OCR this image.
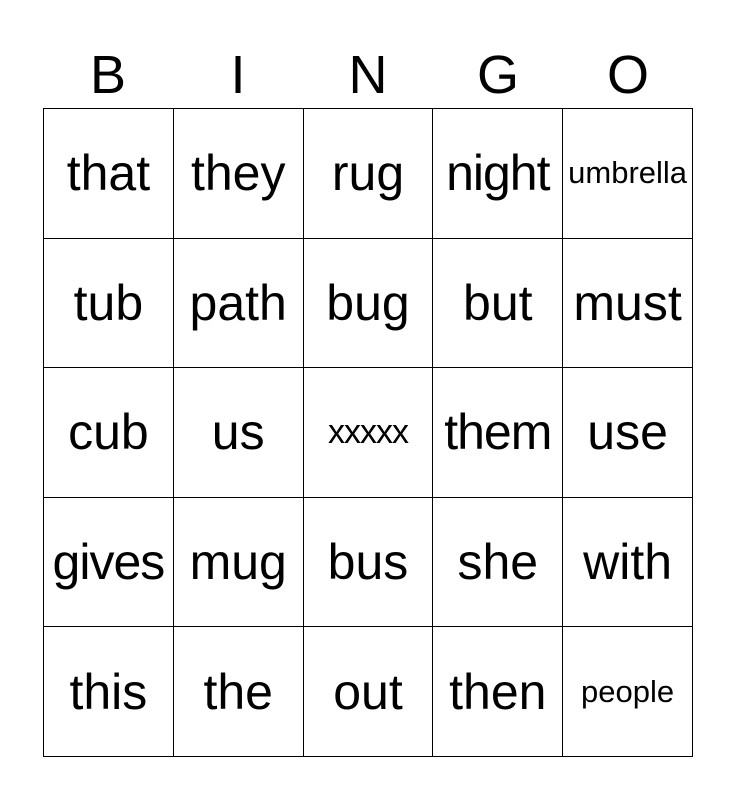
B	I	N	G	O
that they rug night umbrella
tub path bug	but must
cub	us	xxxxx them use
gives mug bus she with
this	the	out then	people
